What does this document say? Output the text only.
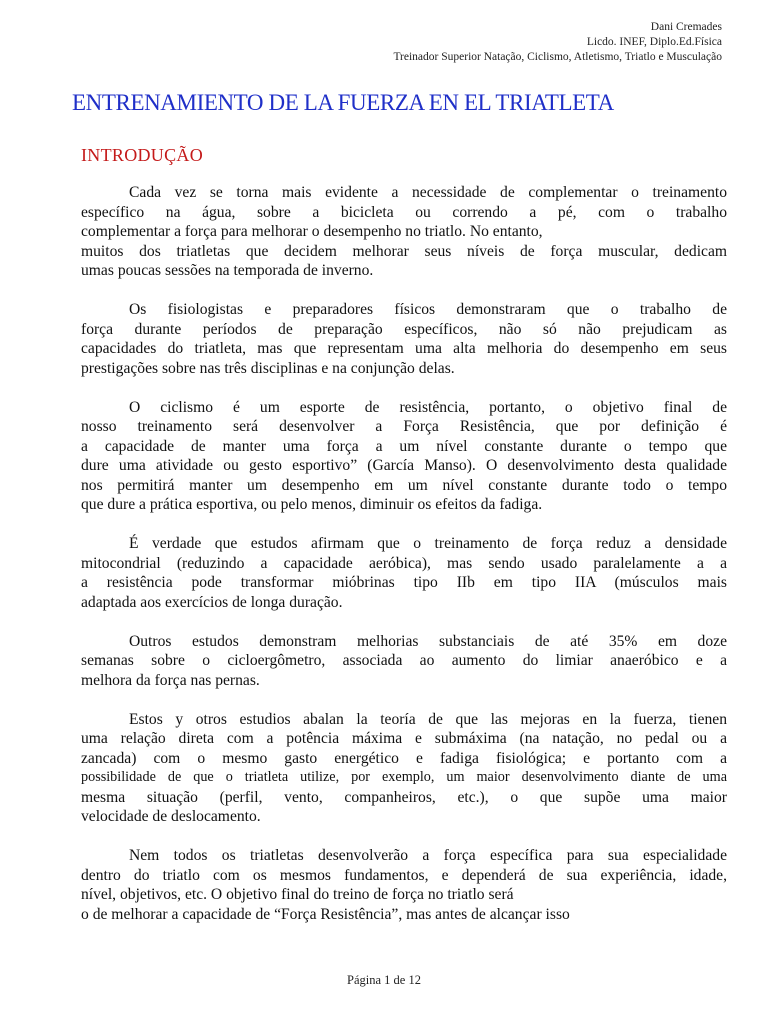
Dani Cremades
Licdo. INEF, Diplo.Ed.Física
Treinador Superior Natação, Ciclismo, Atletismo, Triatlo e Musculação
ENTRENAMIENTO DE LA FUERZA EN EL TRIATLETA
INTRODUÇÃO
Cada vez se torna mais evidente a necessidade de complementar o treinamento
específico na água, sobre a bicicleta ou correndo a pé, com o trabalho
complementar a força para melhorar o desempenho no triatlo. No entanto,
muitos dos triatletas que decidem melhorar seus níveis de força muscular, dedicam
umas poucas sessões na temporada de inverno.
Os fisiologistas e preparadores físicos demonstraram que o trabalho de
força durante períodos de preparação específicos, não só não prejudicam as
capacidades do triatleta, mas que representam uma alta melhoria do desempenho em seus
prestigações sobre nas três disciplinas e na conjunção delas.
O ciclismo é um esporte de resistência, portanto, o objetivo final de
nosso treinamento será desenvolver a Força Resistência, que por definição é
a capacidade de manter uma força a um nível constante durante o tempo que
dure uma atividade ou gesto esportivo” (García Manso). O desenvolvimento desta qualidade
nos permitirá manter um desempenho em um nível constante durante todo o tempo
que dure a prática esportiva, ou pelo menos, diminuir os efeitos da fadiga.
É verdade que estudos afirmam que o treinamento de força reduz a densidade
mitocondrial (reduzindo a capacidade aeróbica), mas sendo usado paralelamente a a
a resistência pode transformar mióbrinas tipo IIb em tipo IIA (músculos mais
adaptada aos exercícios de longa duração.
Outros estudos demonstram melhorias substanciais de até 35% em doze
semanas sobre o cicloergômetro, associada ao aumento do limiar anaeróbico e a
melhora da força nas pernas.
Estos y otros estudios abalan la teoría de que las mejoras en la fuerza, tienen
uma relação direta com a potência máxima e submáxima (na natação, no pedal ou a
zancada) com o mesmo gasto energético e fadiga fisiológica; e portanto com a
possibilidade de que o triatleta utilize, por exemplo, um maior desenvolvimento diante de uma
mesma situação (perfil, vento, companheiros, etc.), o que supõe uma maior
velocidade de deslocamento.
Nem todos os triatletas desenvolverão a força específica para sua especialidade
dentro do triatlo com os mesmos fundamentos, e dependerá de sua experiência, idade,
nível, objetivos, etc. O objetivo final do treino de força no triatlo será
o de melhorar a capacidade de “Força Resistência”, mas antes de alcançar isso
Página 1 de 12
